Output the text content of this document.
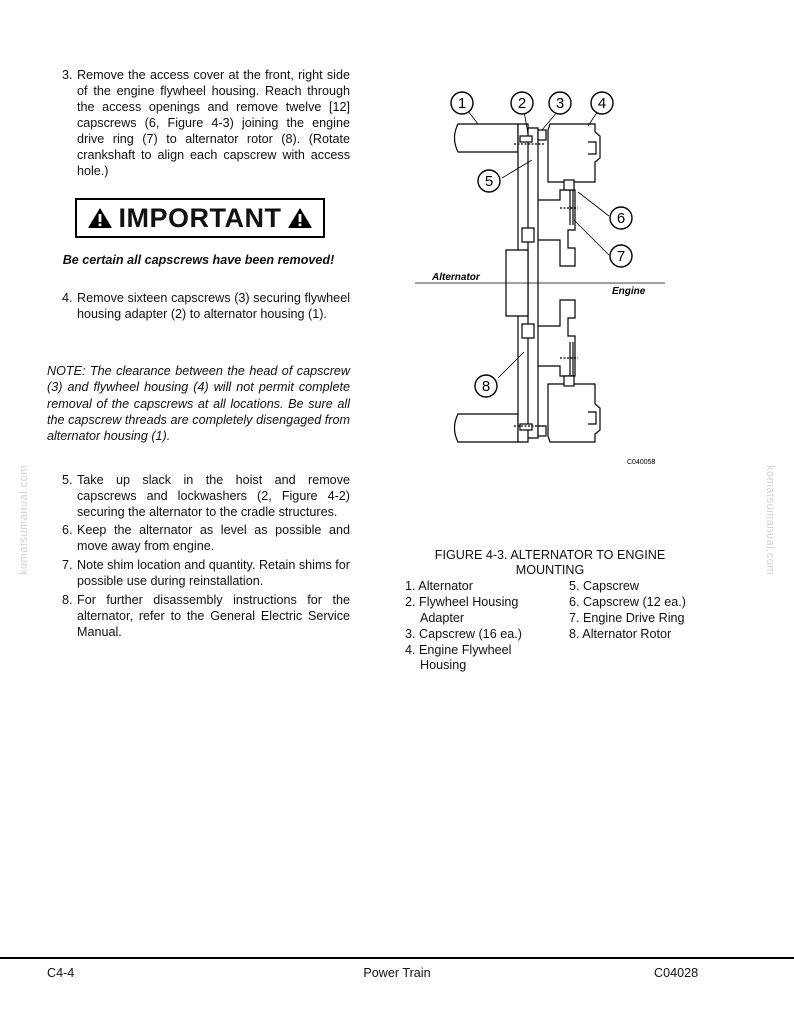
3. Remove the access cover at the front, right side of the engine flywheel housing. Reach through the access openings and remove twelve [12] capscrews (6, Figure 4-3) joining the engine drive ring (7) to alternator rotor (8). (Rotate crankshaft to align each capscrew with access hole.)
IMPORTANT
Be certain all capscrews have been removed!
4. Remove sixteen capscrews (3) securing flywheel housing adapter (2) to alternator housing (1).
NOTE: The clearance between the head of capscrew (3) and flywheel housing (4) will not permit complete removal of the capscrews at all locations. Be sure all the capscrew threads are completely disengaged from alternator housing (1).
5. Take up slack in the hoist and remove capscrews and lockwashers (2, Figure 4-2) securing the alternator to the cradle structures.
6. Keep the alternator as level as possible and move away from engine.
7. Note shim location and quantity. Retain shims for possible use during reinstallation.
8. For further disassembly instructions for the alternator, refer to the General Electric Service Manual.
komatsumanual.com	komatsumanual.com
1	2 3 4
5
6
7
8
Alternator
Engine
C040058
FIGURE 4-3. ALTERNATOR TO ENGINE
MOUNTING
1. Alternator
2. Flywheel Housing
Adapter
3. Capscrew (16 ea.)
4. Engine Flywheel
Housing
5. Capscrew
6. Capscrew (12 ea.)
7. Engine Drive Ring
8. Alternator Rotor
C4-4	Power Train	C04028
